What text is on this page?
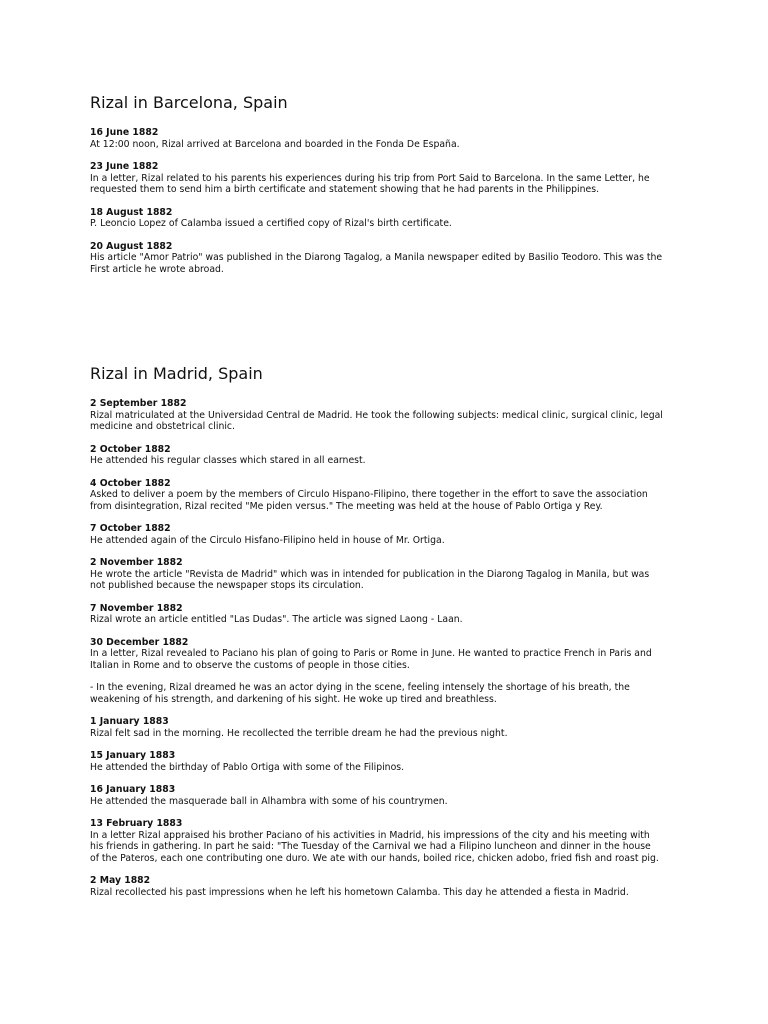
Rizal in Barcelona, Spain

16 June 1882

At 12:00 noon, Rizal arrived at Barcelona and boarded in the Fonda De España.

23 June 1882

In a letter, Rizal related to his parents his experiences during his trip from Port Said to Barcelona. In the same Letter, he
requested them to send him a birth certificate and statement showing that he had parents in the Philippines.

18 August 1882

P. Leoncio Lopez of Calamba issued a certified copy of Rizal's birth certificate.

20 August 1882

His article "Amor Patrio" was published in the Diarong Tagalog, a Manila newspaper edited by Basilio Teodoro. This was the
First article he wrote abroad.

Rizal in Madrid, Spain

2 September 1882

Rizal matriculated at the Universidad Central de Madrid. He took the following subjects: medical clinic, surgical clinic, legal
medicine and obstetrical clinic.

2 October 1882

He attended his regular classes which stared in all earnest.

4 October 1882

Asked to deliver a poem by the members of Circulo Hispano-Filipino, there together in the effort to save the association
from disintegration, Rizal recited "Me piden versus." The meeting was held at the house of Pablo Ortiga y Rey.

7 October 1882

He attended again of the Circulo Hisfano-Filipino held in house of Mr. Ortiga.

2 November 1882

He wrote the article "Revista de Madrid" which was in intended for publication in the Diarong Tagalog in Manila, but was
not published because the newspaper stops its circulation.

7 November 1882

Rizal wrote an article entitled "Las Dudas". The article was signed Laong - Laan.

30 December 1882

In a letter, Rizal revealed to Paciano his plan of going to Paris or Rome in June. He wanted to practice French in Paris and
Italian in Rome and to observe the customs of people in those cities.

- In the evening, Rizal dreamed he was an actor dying in the scene, feeling intensely the shortage of his breath, the
weakening of his strength, and darkening of his sight. He woke up tired and breathless.

1 January 1883

Rizal felt sad in the morning. He recollected the terrible dream he had the previous night.

15 January 1883

He attended the birthday of Pablo Ortiga with some of the Filipinos.

16 January 1883

He attended the masquerade ball in Alhambra with some of his countrymen.

13 February 1883

In a letter Rizal appraised his brother Paciano of his activities in Madrid, his impressions of the city and his meeting with
his friends in gathering. In part he said: "The Tuesday of the Carnival we had a Filipino luncheon and dinner in the house
of the Pateros, each one contributing one duro. We ate with our hands, boiled rice, chicken adobo, fried fish and roast pig.

2 May 1882

Rizal recollected his past impressions when he left his hometown Calamba. This day he attended a fiesta in Madrid.
